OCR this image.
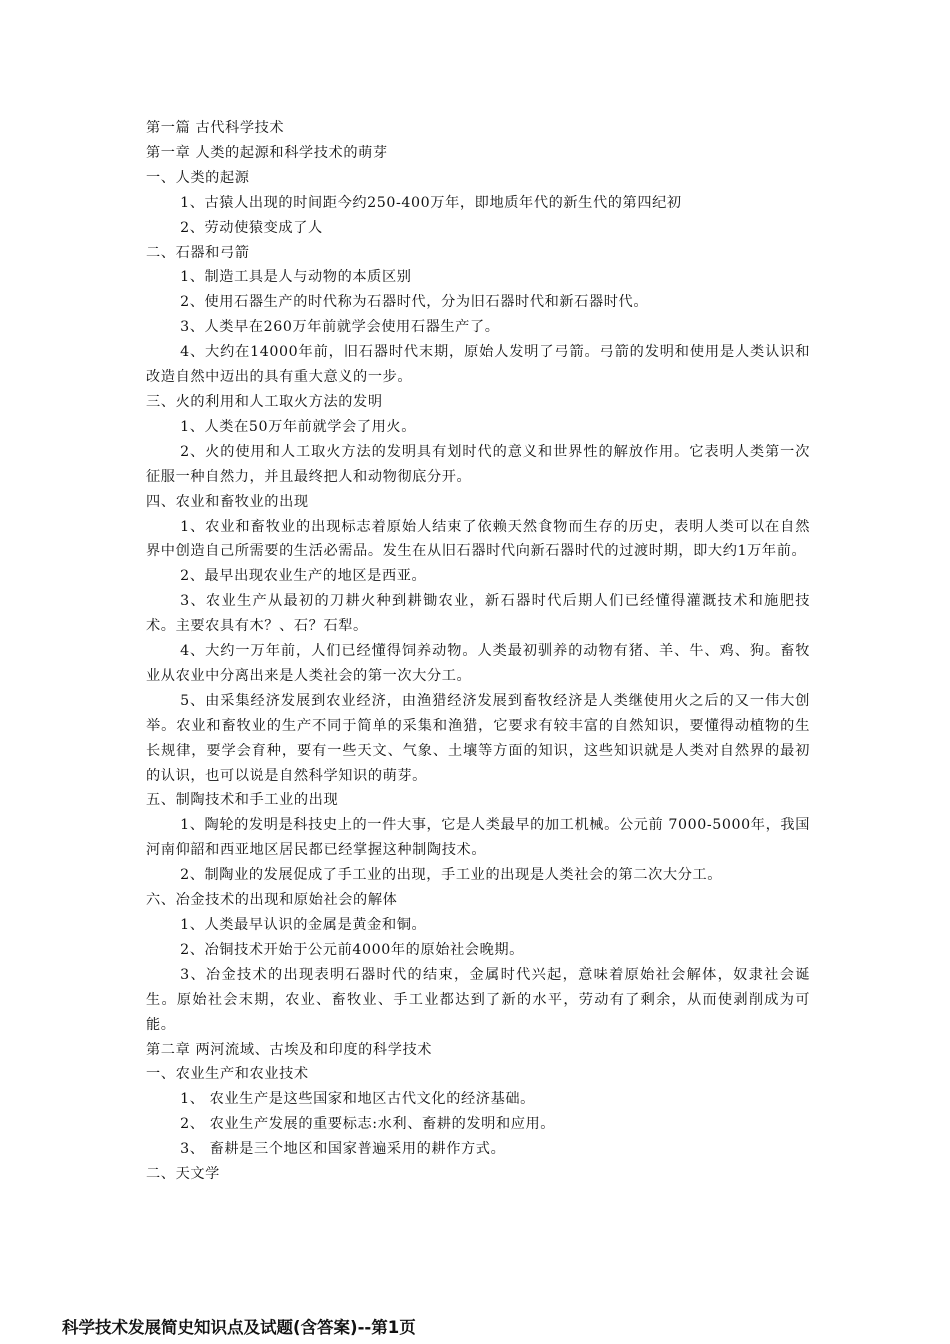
第一篇 古代科学技术
第一章 人类的起源和科学技术的萌芽
一、人类的起源
1、古猿人出现的时间距今约250-400万年，即地质年代的新生代的第四纪初
2、劳动使猿变成了人
二、石器和弓箭
1、制造工具是人与动物的本质区别
2、使用石器生产的时代称为石器时代，分为旧石器时代和新石器时代。
3、人类早在260万年前就学会使用石器生产了。
4、大约在14000年前，旧石器时代末期，原始人发明了弓箭。弓箭的发明和使用是人类认识和改造自然中迈出的具有重大意义的一步。
三、火的利用和人工取火方法的发明
1、人类在50万年前就学会了用火。
2、火的使用和人工取火方法的发明具有划时代的意义和世界性的解放作用。它表明人类第一次征服一种自然力，并且最终把人和动物彻底分开。
四、农业和畜牧业的出现
1、农业和畜牧业的出现标志着原始人结束了依赖天然食物而生存的历史，表明人类可以在自然界中创造自己所需要的生活必需品。发生在从旧石器时代向新石器时代的过渡时期，即大约1万年前。
2、最早出现农业生产的地区是西亚。
3、农业生产从最初的刀耕火种到耕锄农业，新石器时代后期人们已经懂得灌溉技术和施肥技术。主要农具有木？、石？石犁。
4、大约一万年前，人们已经懂得饲养动物。人类最初驯养的动物有猪、羊、牛、鸡、狗。畜牧业从农业中分离出来是人类社会的第一次大分工。
5、由采集经济发展到农业经济，由渔猎经济发展到畜牧经济是人类继使用火之后的又一伟大创举。农业和畜牧业的生产不同于简单的采集和渔猎，它要求有较丰富的自然知识，要懂得动植物的生长规律，要学会育种，要有一些天文、气象、土壤等方面的知识，这些知识就是人类对自然界的最初的认识，也可以说是自然科学知识的萌芽。
五、制陶技术和手工业的出现
1、陶轮的发明是科技史上的一件大事，它是人类最早的加工机械。公元前 7000-5000年，我国河南仰韶和西亚地区居民都已经掌握这种制陶技术。
2、制陶业的发展促成了手工业的出现，手工业的出现是人类社会的第二次大分工。
六、冶金技术的出现和原始社会的解体
1、人类最早认识的金属是黄金和铜。
2、冶铜技术开始于公元前4000年的原始社会晚期。
3、冶金技术的出现表明石器时代的结束，金属时代兴起，意味着原始社会解体，奴隶社会诞生。原始社会末期，农业、畜牧业、手工业都达到了新的水平，劳动有了剩余，从而使剥削成为可能。
第二章 两河流域、古埃及和印度的科学技术
一、农业生产和农业技术
1、 农业生产是这些国家和地区古代文化的经济基础。
2、 农业生产发展的重要标志:水利、畜耕的发明和应用。
3、 畜耕是三个地区和国家普遍采用的耕作方式。
二、天文学
科学技术发展简史知识点及试题(含答案)--第1页
